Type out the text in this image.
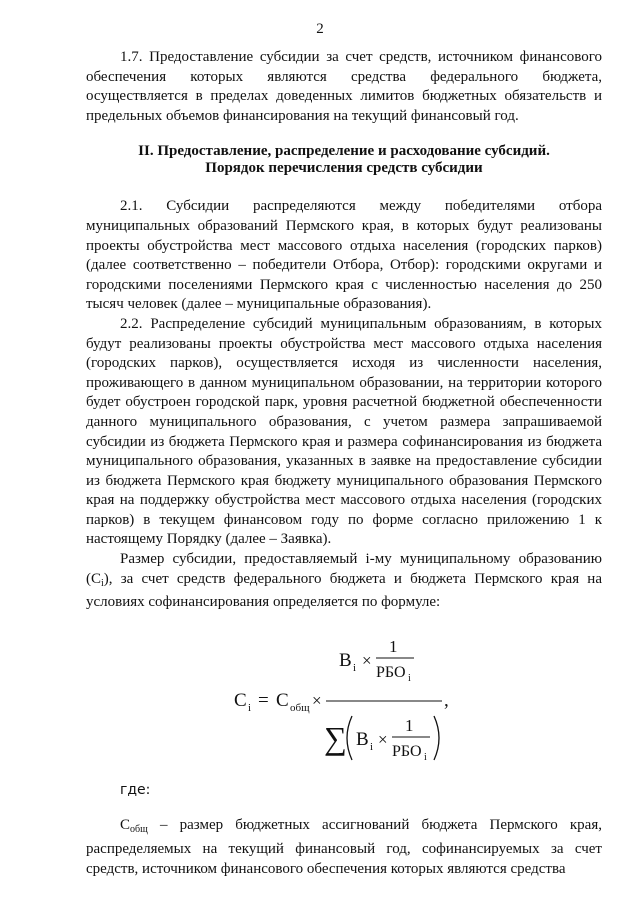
2

1.7. Предоставление субсидии за счет средств, источником финансового обеспечения которых являются средства федерального бюджета, осуществляется в пределах доведенных лимитов бюджетных обязательств и предельных объемов финансирования на текущий финансовый год.

II. Предоставление, распределение и расходование субсидий.
Порядок перечисления средств субсидии

2.1. Субсидии распределяются между победителями отбора муниципальных образований Пермского края, в которых будут реализованы проекты обустройства мест массового отдыха населения (городских парков) (далее соответственно – победители Отбора, Отбор): городскими округами и городскими поселениями Пермского края с численностью населения до 250 тысяч человек (далее – муниципальные образования).

2.2. Распределение субсидий муниципальным образованиям, в которых будут реализованы проекты обустройства мест массового отдыха населения (городских парков), осуществляется исходя из численности населения, проживающего в данном муниципальном образовании, на территории которого будет обустроен городской парк, уровня расчетной бюджетной обеспеченности данного муниципального образования, с учетом размера запрашиваемой субсидии из бюджета Пермского края и размера софинансирования из бюджета муниципального образования, указанных в заявке на предоставление субсидии из бюджета Пермского края бюджету муниципального образования Пермского края на поддержку обустройства мест массового отдыха населения (городских парков) в текущем финансовом году по форме согласно приложению 1 к настоящему Порядку (далее – Заявка).

Размер субсидии, предоставляемый i-му муниципальному образованию $(C_i)$, за счет средств федерального бюджета и бюджета Пермского края на условиях софинансирования определяется по формуле:

C i = C общ ×
B i ×
1
РБО i
∑ B i ×
1
РБО i
,
где:

$C_{общ}$ – размер бюджетных ассигнований бюджета Пермского края, распределяемых на текущий финансовый год, софинансируемых за счет средств, источником финансового обеспечения которых являются средства
